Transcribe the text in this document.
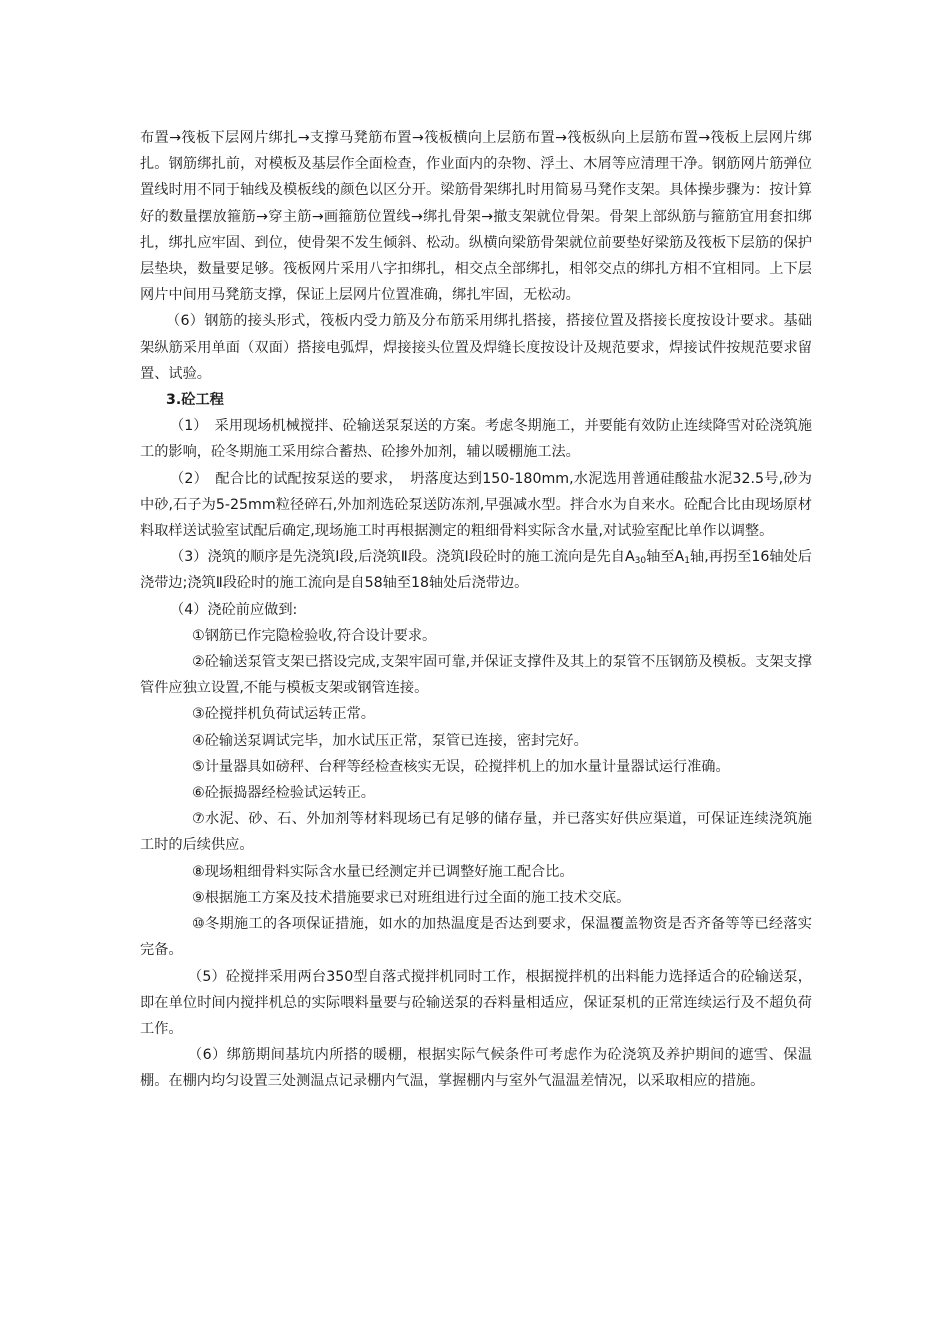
布置→筏板下层网片绑扎→支撑马凳筋布置→筏板横向上层筋布置→筏板纵向上层筋布置→筏板上层网片绑扎。钢筋绑扎前，对模板及基层作全面检查，作业面内的杂物、浮土、木屑等应清理干净。钢筋网片筋弹位置线时用不同于轴线及模板线的颜色以区分开。梁筋骨架绑扎时用简易马凳作支架。具体操步骤为：按计算好的数量摆放箍筋→穿主筋→画箍筋位置线→绑扎骨架→撤支架就位骨架。骨架上部纵筋与箍筋宜用套扣绑扎，绑扎应牢固、到位，使骨架不发生倾斜、松动。纵横向梁筋骨架就位前要垫好梁筋及筏板下层筋的保护层垫块，数量要足够。筏板网片采用八字扣绑扎，相交点全部绑扎，相邻交点的绑扎方相不宜相同。上下层网片中间用马凳筋支撑，保证上层网片位置准确，绑扎牢固，无松动。

（6）钢筋的接头形式，筏板内受力筋及分布筋采用绑扎搭接，搭接位置及搭接长度按设计要求。基础架纵筋采用单面（双面）搭接电弧焊，焊接接头位置及焊缝长度按设计及规范要求，焊接试件按规范要求留置、试验。

3.砼工程

（1）　采用现场机械搅拌、砼输送泵泵送的方案。考虑冬期施工，并要能有效防止连续降雪对砼浇筑施工的影响，砼冬期施工采用综合蓄热、砼掺外加剂，辅以暖棚施工法。

（2）　配合比的试配按泵送的要求，　坍落度达到150-180mm,水泥选用普通硅酸盐水泥32.5号,砂为中砂,石子为5-25mm粒径碎石,外加剂选砼泵送防冻剂,早强减水型。拌合水为自来水。砼配合比由现场原材料取样送试验室试配后确定,现场施工时再根据测定的粗细骨料实际含水量,对试验室配比单作以调整。

（3）浇筑的顺序是先浇筑Ⅰ段,后浇筑Ⅱ段。浇筑Ⅰ段砼时的施工流向是先自$A_{30}$轴至$A_1$轴,再拐至16轴处后浇带边;浇筑Ⅱ段砼时的施工流向是自58轴至18轴处后浇带边。

（4）浇砼前应做到:

①钢筋已作完隐检验收,符合设计要求。

②砼输送泵管支架已搭设完成,支架牢固可靠,并保证支撑件及其上的泵管不压钢筋及模板。支架支撑管件应独立设置,不能与模板支架或钢管连接。

③砼搅拌机负荷试运转正常。

④砼输送泵调试完毕，加水试压正常，泵管已连接，密封完好。

⑤计量器具如磅秤、台秤等经检查核实无误，砼搅拌机上的加水量计量器试运行准确。

⑥砼振捣器经检验试运转正。

⑦水泥、砂、石、外加剂等材料现场已有足够的储存量，并已落实好供应渠道，可保证连续浇筑施工时的后续供应。

⑧现场粗细骨料实际含水量已经测定并已调整好施工配合比。

⑨根据施工方案及技术措施要求已对班组进行过全面的施工技术交底。

⑩冬期施工的各项保证措施，如水的加热温度是否达到要求，保温覆盖物资是否齐备等等已经落实完备。

（5）砼搅拌采用两台350型自落式搅拌机同时工作，根据搅拌机的出料能力选择适合的砼输送泵，即在单位时间内搅拌机总的实际喂料量要与砼输送泵的吞料量相适应，保证泵机的正常连续运行及不超负荷工作。

（6）绑筋期间基坑内所搭的暖棚，根据实际气候条件可考虑作为砼浇筑及养护期间的遮雪、保温棚。在棚内均匀设置三处测温点记录棚内气温，掌握棚内与室外气温温差情况，以采取相应的措施。
